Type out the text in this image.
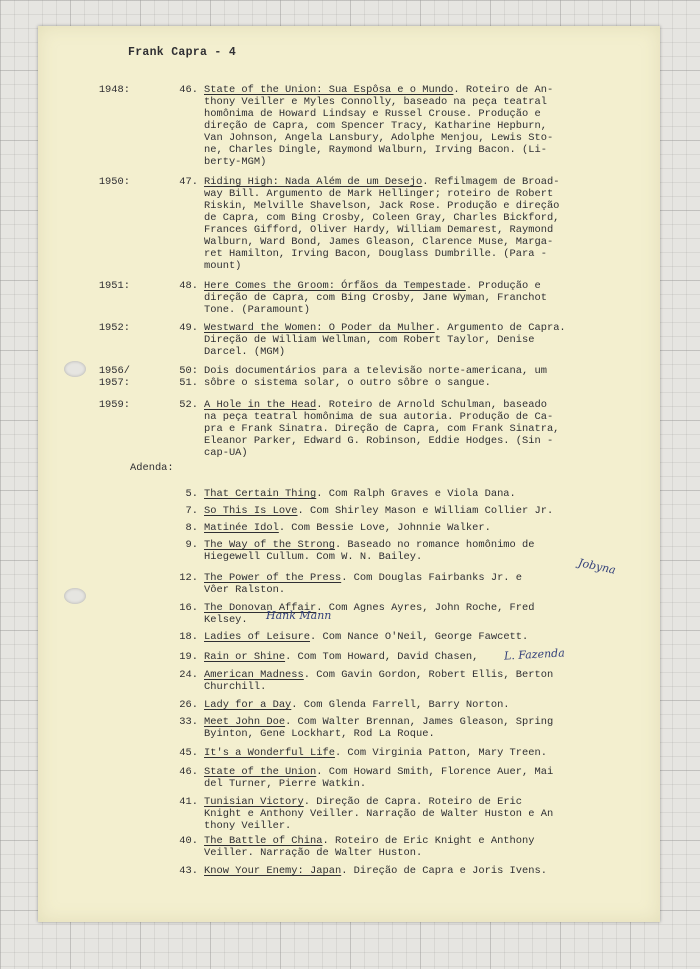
Frank Capra - 4
1948:	46. State of the Union: Sua Espôsa e o Mundo. Roteiro de An-
thony Veiller e Myles Connolly, baseado na peça teatral
homônima de Howard Lindsay e Russel Crouse. Produção e
direção de Capra, com Spencer Tracy, Katharine Hepburn,
Van Johnson, Angela Lansbury, Adolphe Menjou, Lewis Sto-
ne, Charles Dingle, Raymond Walburn, Irving Bacon. (Li-
berty-MGM)
1950:	47. Riding High: Nada Além de um Desejo. Refilmagem de Broad-
way Bill. Argumento de Mark Hellinger; roteiro de Robert
Riskin, Melville Shavelson, Jack Rose. Produção e direção
de Capra, com Bing Crosby, Coleen Gray, Charles Bickford,
Frances Gifford, Oliver Hardy, William Demarest, Raymond
Walburn, Ward Bond, James Gleason, Clarence Muse, Marga-
ret Hamilton, Irving Bacon, Douglass Dumbrille. (Para -
mount)
1951:	48. Here Comes the Groom: Órfãos da Tempestade. Produção e
direção de Capra, com Bing Crosby, Jane Wyman, Franchot
Tone. (Paramount)
1952:	49. Westward the Women: O Poder da Mulher. Argumento de Capra.
Direção de William Wellman, com Robert Taylor, Denise
Darcel. (MGM)
1956/	50: Dois documentários para a televisão norte-americana, um
1957:	51. sôbre o sistema solar, o outro sôbre o sangue.
1959:	52. A Hole in the Head. Roteiro de Arnold Schulman, baseado
na peça teatral homônima de sua autoria. Produção de Ca-
pra e Frank Sinatra. Direção de Capra, com Frank Sinatra,
Eleanor Parker, Edward G. Robinson, Eddie Hodges. (Sin -
cap-UA)
Adenda:
5. That Certain Thing. Com Ralph Graves e Viola Dana.
7. So This Is Love. Com Shirley Mason e William Collier Jr.
8. Matinée Idol. Com Bessie Love, Johnnie Walker.
9. The Way of the Strong. Baseado no romance homônimo de
Hiegewell Cullum. Com W. N. Bailey.
12. The Power of the Press. Com Douglas Fairbanks Jr. e
Vôer Ralston.
16. The Donovan Affair. Com Agnes Ayres, John Roche, Fred
Kelsey.
18. Ladies of Leisure. Com Nance O'Neil, George Fawcett.
19. Rain or Shine. Com Tom Howard, David Chasen,
24. American Madness. Com Gavin Gordon, Robert Ellis, Berton
Churchill.
26. Lady for a Day. Com Glenda Farrell, Barry Norton.
33. Meet John Doe. Com Walter Brennan, James Gleason, Spring
Byinton, Gene Lockhart, Rod La Roque.
45. It's a Wonderful Life. Com Virginia Patton, Mary Treen.
46. State of the Union. Com Howard Smith, Florence Auer, Mai
del Turner, Pierre Watkin.
41. Tunisian Victory. Direção de Capra. Roteiro de Eric
Knight e Anthony Veiller. Narração de Walter Huston e An
thony Veiller.
40. The Battle of China. Roteiro de Eric Knight e Anthony
Veiller. Narração de Walter Huston.
43. Know Your Enemy: Japan. Direção de Capra e Joris Ivens.
Jobyna
Hank Mann
L. Fazenda
